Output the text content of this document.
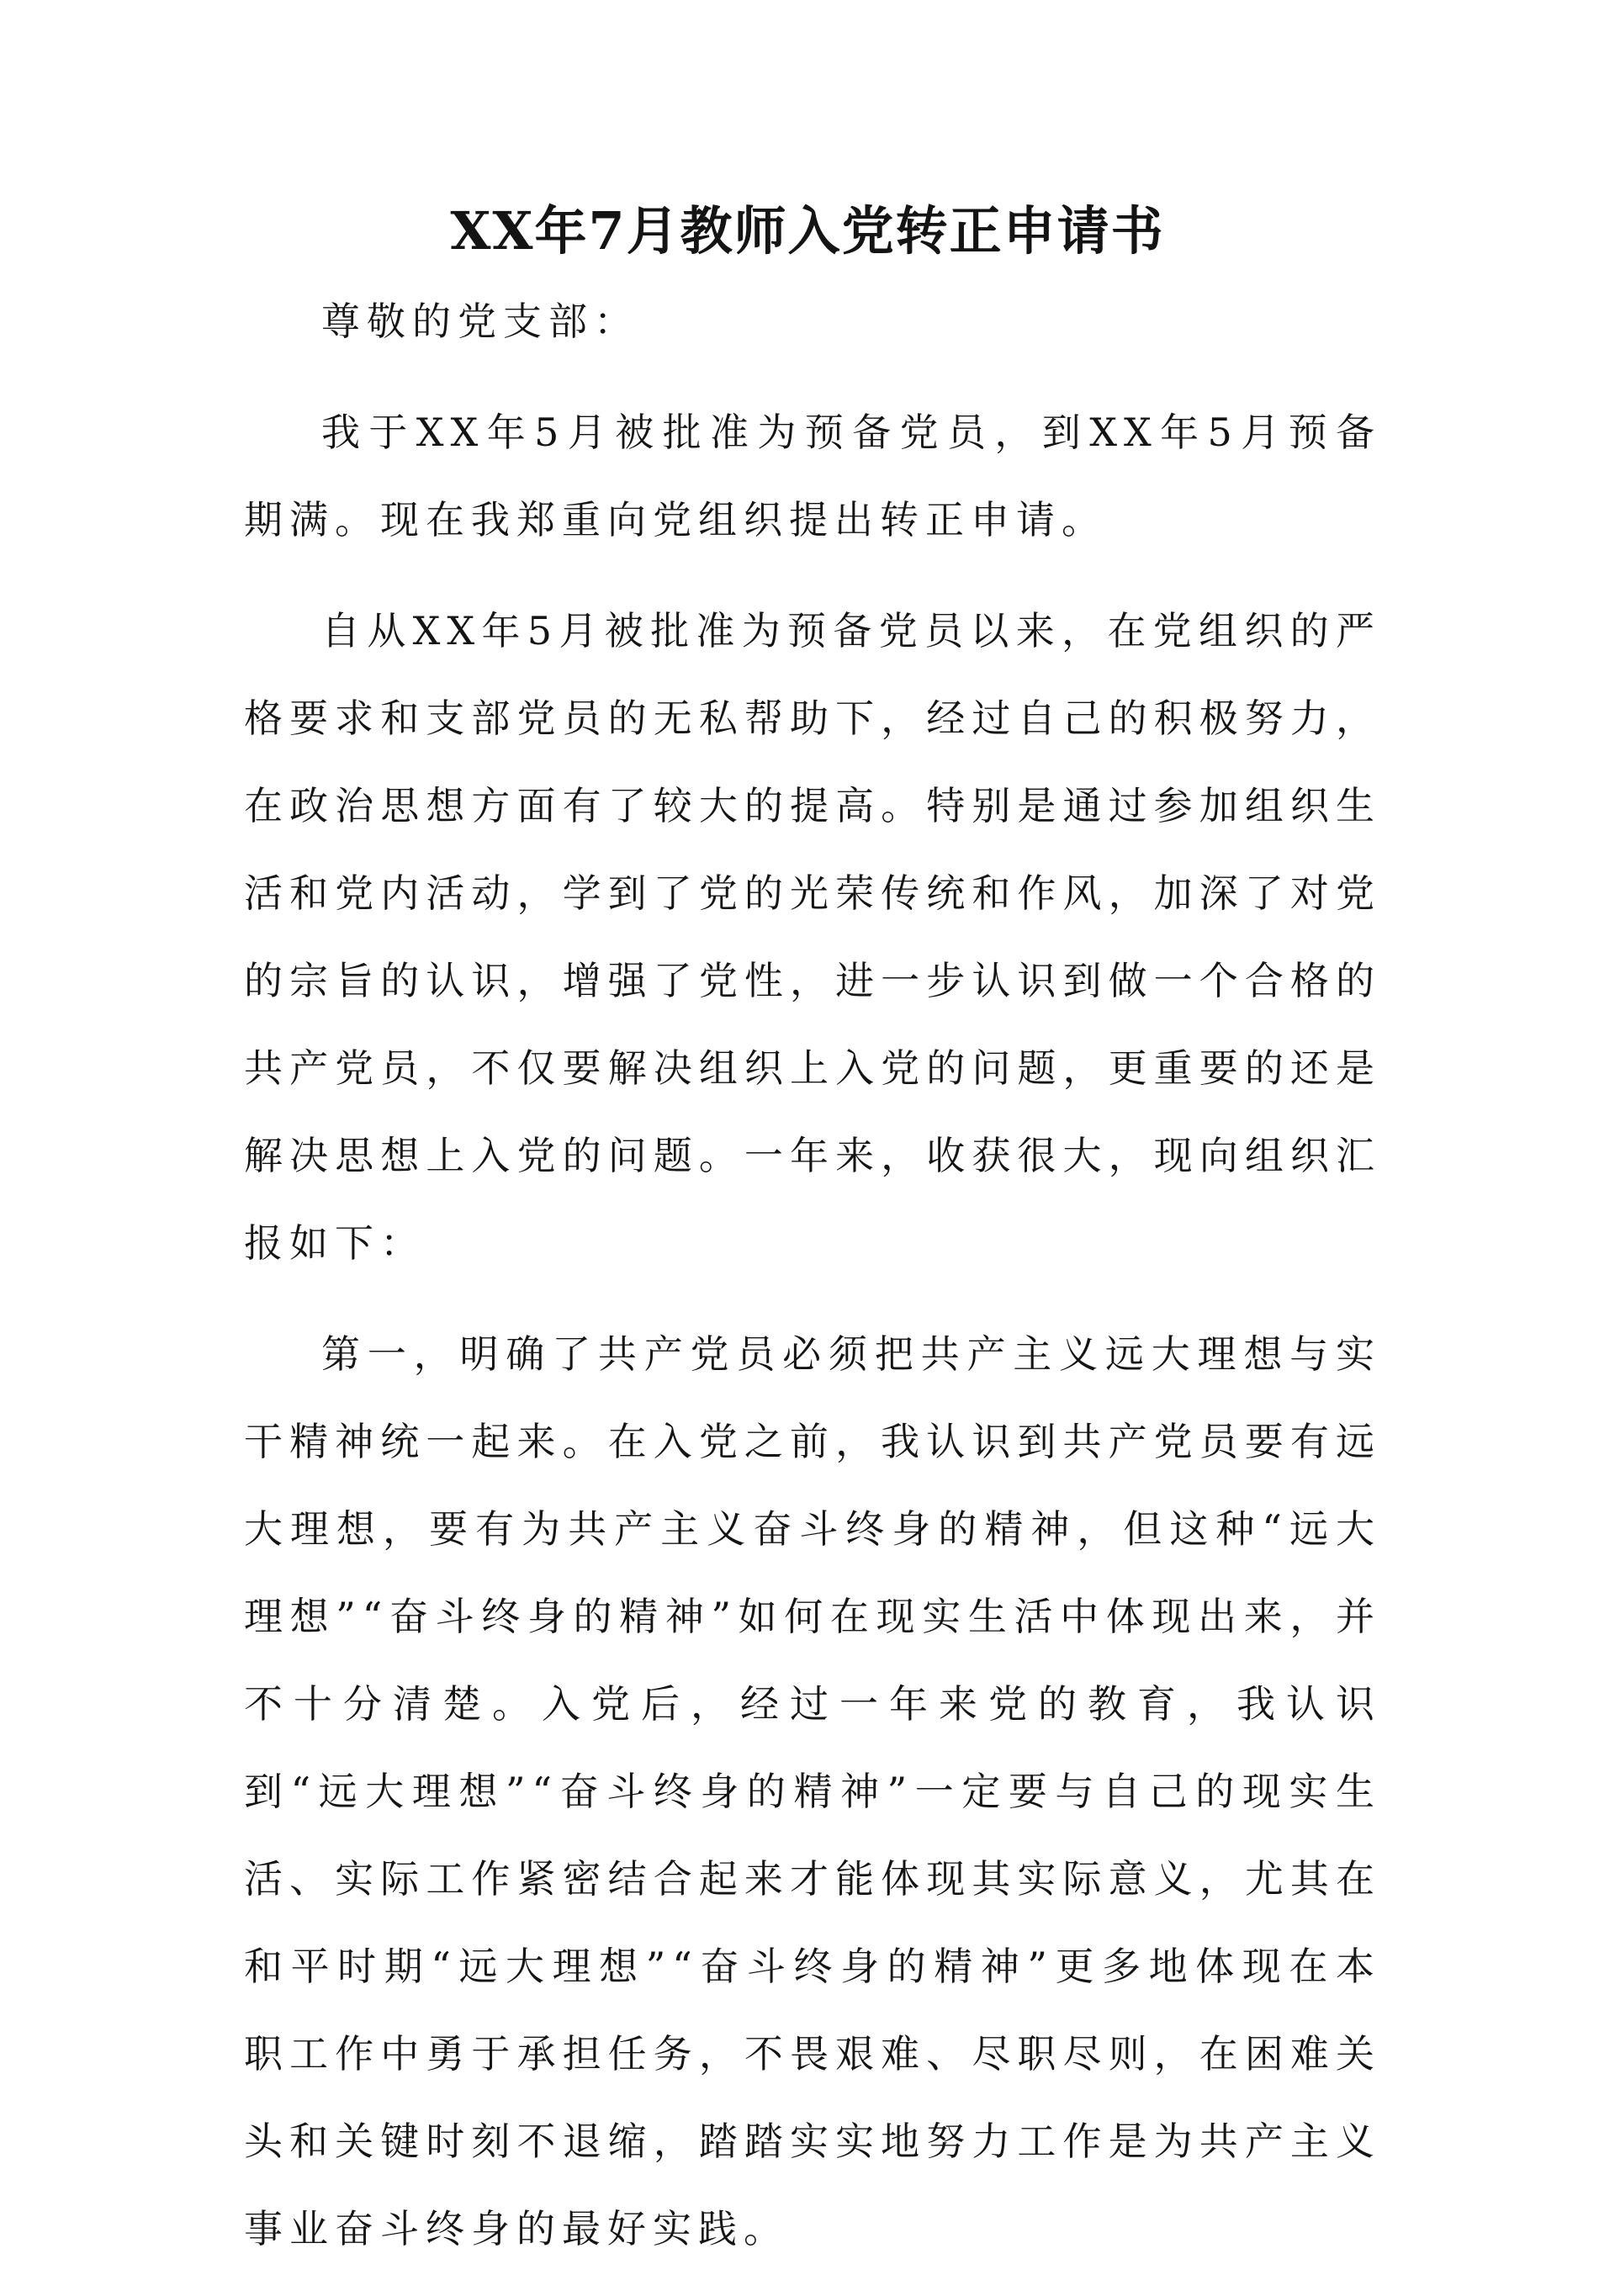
XX年7月教师入党转正申请书

尊敬的党支部：

我于XX年5月被批准为预备党员，到XX年5月预备期满。现在我郑重向党组织提出转正申请。

自从XX年5月被批准为预备党员以来，在党组织的严格要求和支部党员的无私帮助下，经过自己的积极努力，在政治思想方面有了较大的提高。特别是通过参加组织生活和党内活动，学到了党的光荣传统和作风，加深了对党的宗旨的认识，增强了党性，进一步认识到做一个合格的共产党员，不仅要解决组织上入党的问题，更重要的还是解决思想上入党的问题。一年来，收获很大，现向组织汇报如下：

第一，明确了共产党员必须把共产主义远大理想与实干精神统一起来。在入党之前，我认识到共产党员要有远大理想，要有为共产主义奋斗终身的精神，但这种“远大理想”“奋斗终身的精神”如何在现实生活中体现出来，并不十分清楚。入党后，经过一年来党的教育，我认识到“远大理想”“奋斗终身的精神”一定要与自己的现实生活、实际工作紧密结合起来才能体现其实际意义，尤其在和平时期“远大理想”“奋斗终身的精神”更多地体现在本职工作中勇于承担任务，不畏艰难、尽职尽则，在困难关头和关键时刻不退缩，踏踏实实地努力工作是为共产主义事业奋斗终身的最好实践。
